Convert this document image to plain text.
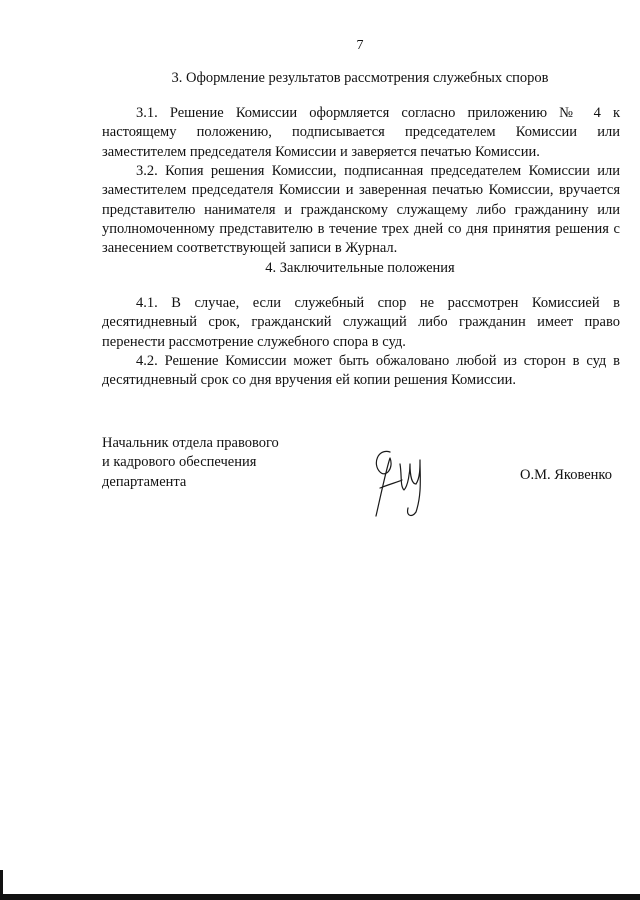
7
3. Оформление результатов рассмотрения служебных споров

3.1. Решение Комиссии оформляется согласно приложению № 4 к настоящему положению, подписывается председателем Комиссии или заместителем председателя Комиссии и заверяется печатью Комиссии.

3.2. Копия решения Комиссии, подписанная председателем Комиссии или заместителем председателя Комиссии и заверенная печатью Комиссии, вручается представителю нанимателя и гражданскому служащему либо гражданину или уполномоченному представителю в течение трех дней со дня принятия решения с занесением соответствующей записи в Журнал.

4. Заключительные положения

4.1. В случае, если служебный спор не рассмотрен Комиссией в десятидневный срок, гражданский служащий либо гражданин имеет право перенести рассмотрение служебного спора в суд.

4.2. Решение Комиссии может быть обжаловано любой из сторон в суд в десятидневный срок со дня вручения ей копии решения Комиссии.

Начальник отдела правового
и кадрового обеспечения
департамента	О.М. Яковенко
